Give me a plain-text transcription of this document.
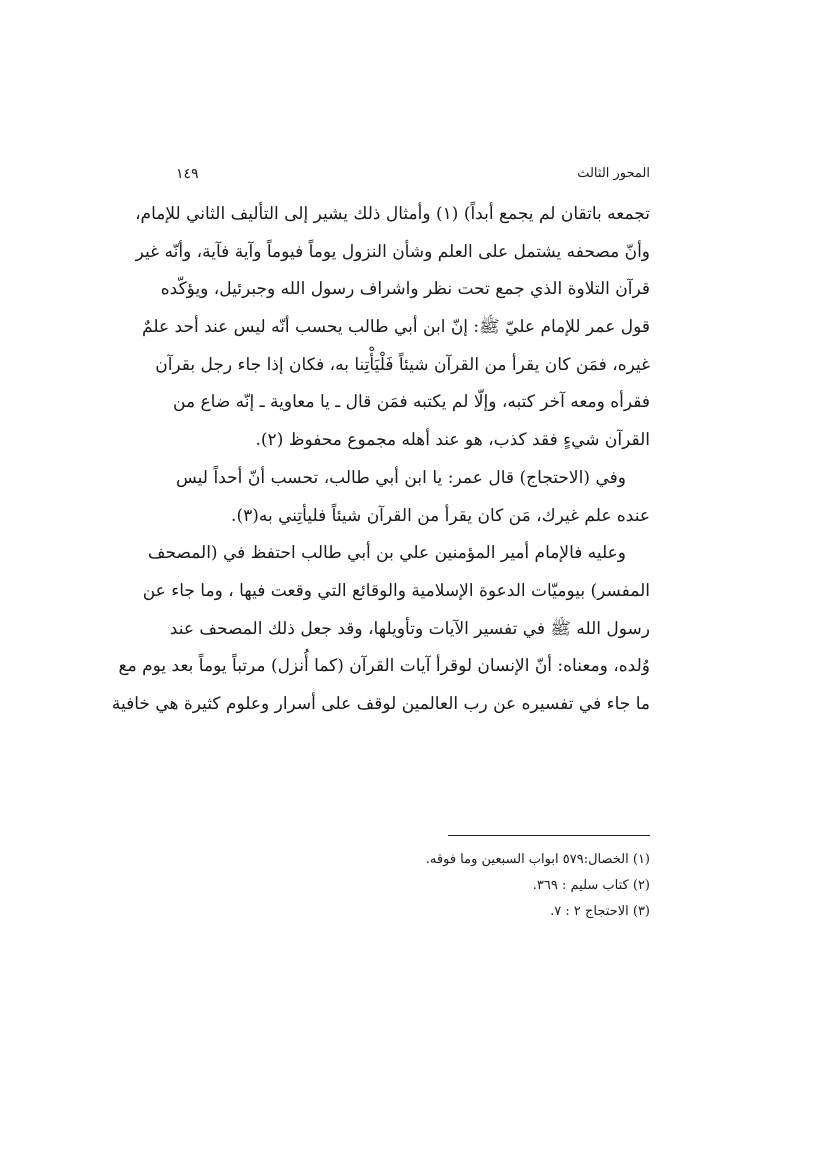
المحور الثالث
١٤٩
تجمعه باتقان لم يجمع أبداً) (١) وأمثال ذلك يشير إلى التأليف الثاني للإمام،
وأنّ مصحفه يشتمل على العلم وشأن النزول يوماً فيوماً وآية فآية، وأنّه غير
قرآن التلاوة الذي جمع تحت نظر واشراف رسول الله وجبرئيل، ويؤكّده
قول عمر للإمام عليّ ﷺ: إنّ ابن أبي طالب يحسب أنّه ليس عند أحد علمٌ
غيره، فمَن كان يقرأ من القرآن شيئاً فَلْيَأْتِنا به، فكان إذا جاء رجل بقرآن
فقرأه ومعه آخر كتبه، وإلّا لم يكتبه فمَن قال ـ يا معاوية ـ إنّه ضاع من
القرآن شيءٍ فقد كذب، هو عند أهله مجموع محفوظ (٢).
وفي (الاحتجاج) قال عمر: يا ابن أبي طالب، تحسب أنّ أحداً ليس
عنده علم غيرك، مَن كان يقرأ من القرآن شيئاً فليأتِني به(٣).
وعليه فالإمام أمير المؤمنين علي بن أبي طالب احتفظ في (المصحف
المفسر) بيوميّات الدعوة الإسلامية والوقائع التي وقعت فيها ، وما جاء عن
رسول الله ﷺ في تفسير الآيات وتأويلها، وقد جعل ذلك المصحف عند
وُلده، ومعناه: أنّ الإنسان لوقرأ آيات القرآن (كما أُنزل) مرتباً يوماً بعد يوم مع
ما جاء في تفسيره عن رب العالمين لوقف على أسرار وعلوم كثيرة هي خافية
(١) الخصال:٥٧٩ ابواب السبعين وما فوقه.
(٢) كتاب سليم : ٣٦٩.
(٣) الاحتجاج ٢ : ٧.
